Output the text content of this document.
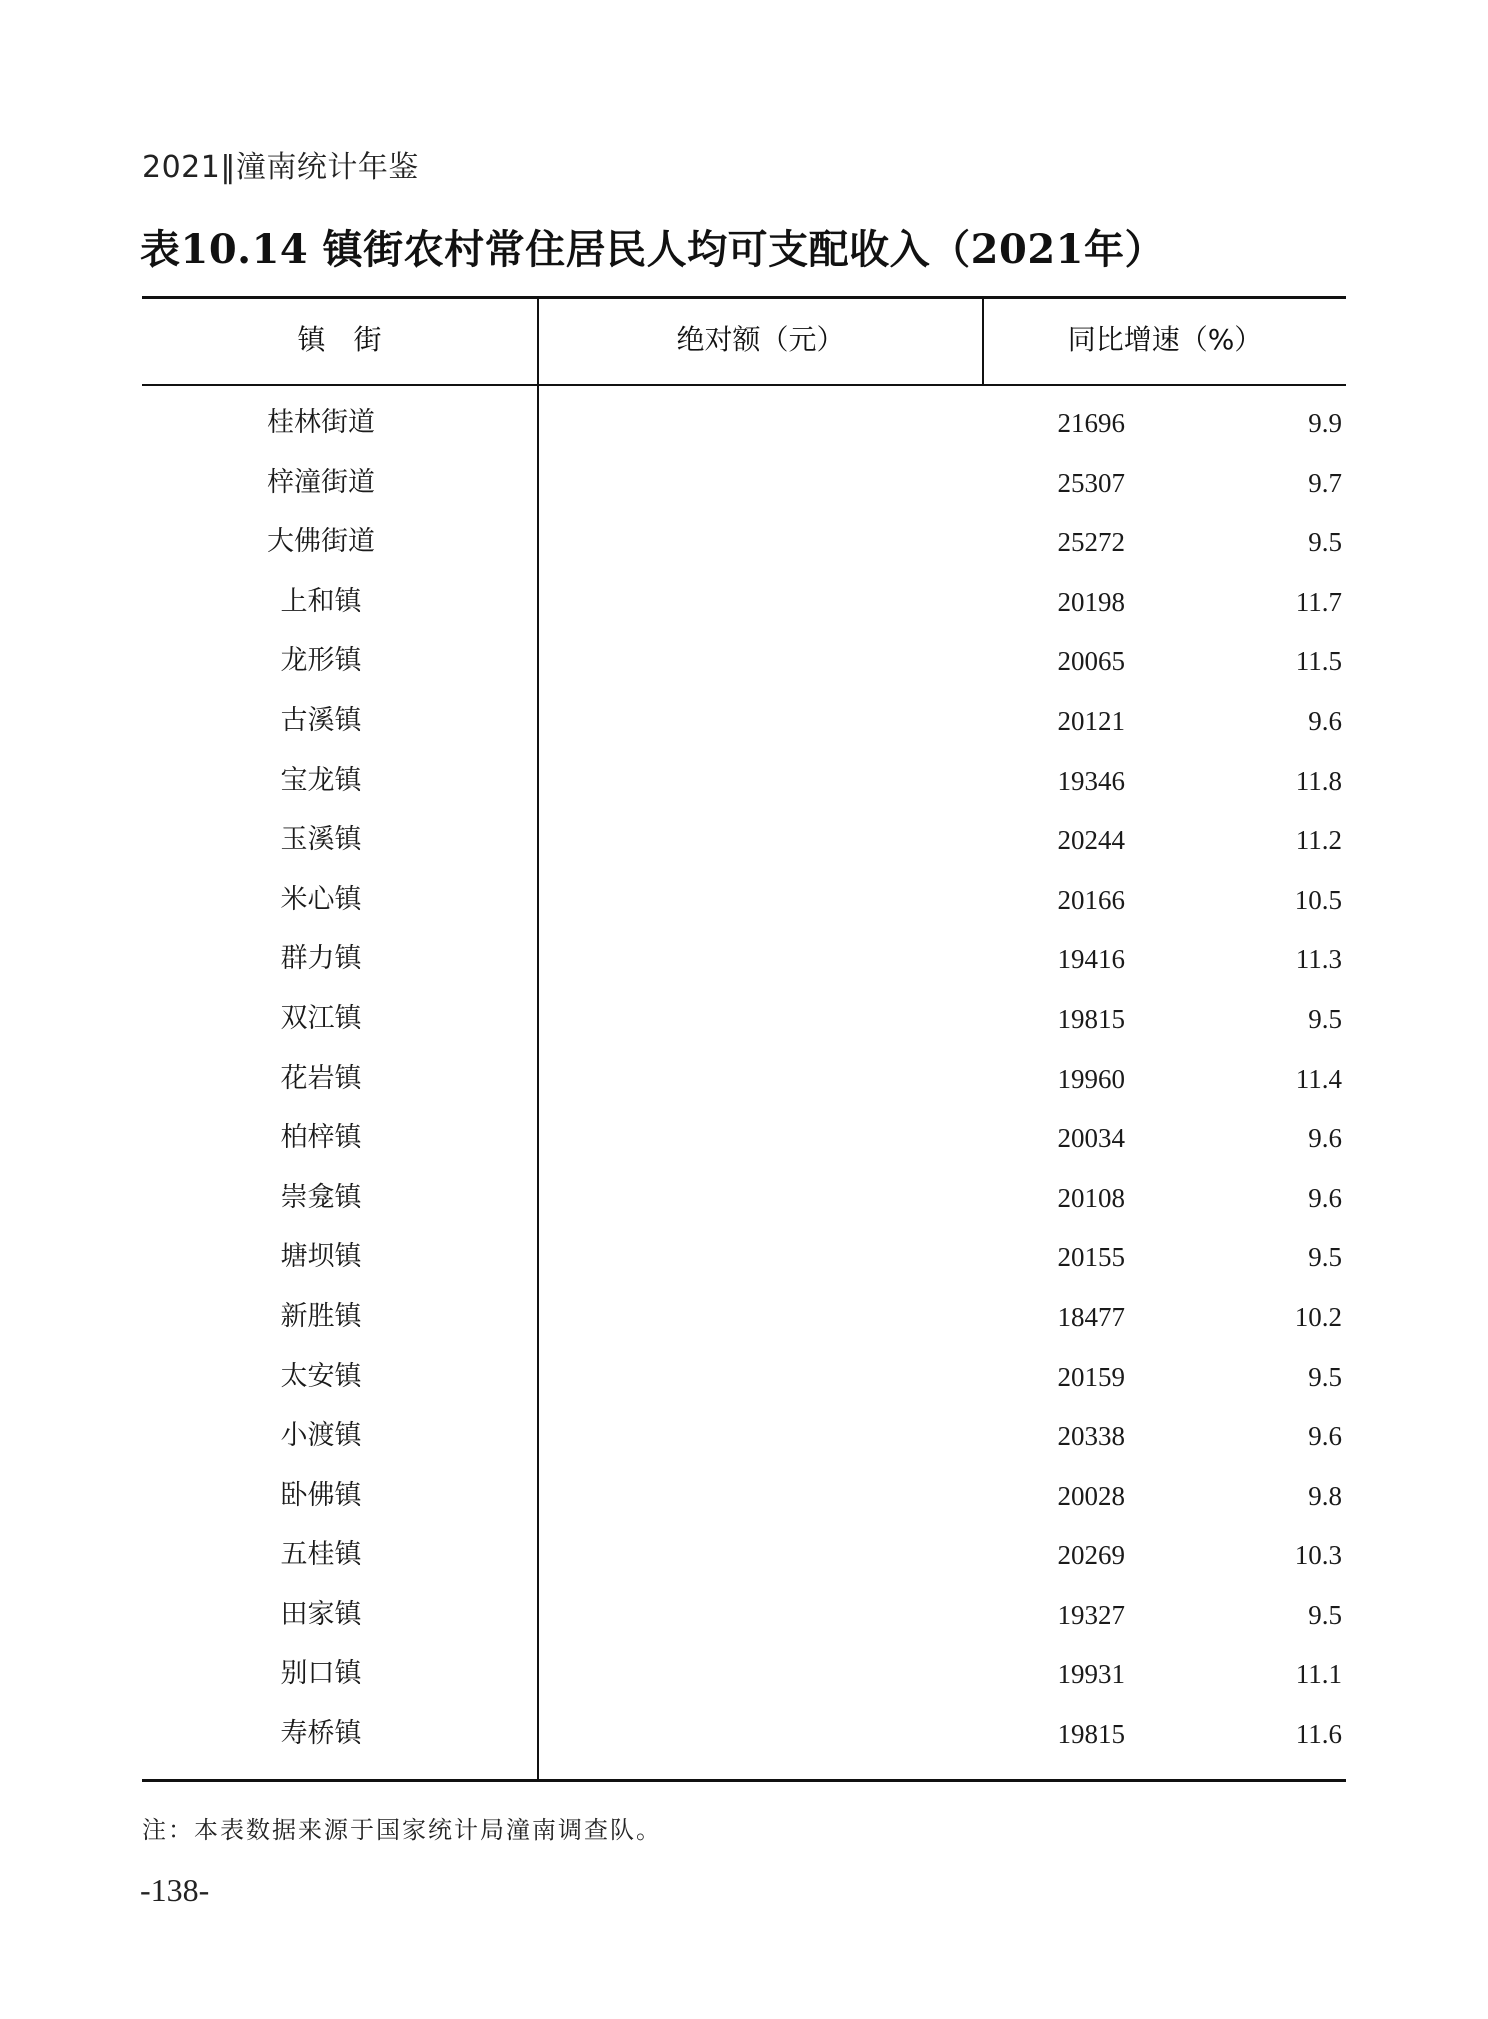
2021‖潼南统计年鉴
表10.14 镇街农村常住居民人均可支配收入（2021年）
镇街	绝对额（元）	同比增速（%）
桂林街道	21696	9.9
梓潼街道	25307	9.7
大佛街道	25272	9.5
上和镇	20198	11.7
龙形镇	20065	11.5
古溪镇	20121	9.6
宝龙镇	19346	11.8
玉溪镇	20244	11.2
米心镇	20166	10.5
群力镇	19416	11.3
双江镇	19815	9.5
花岩镇	19960	11.4
柏梓镇	20034	9.6
崇龛镇	20108	9.6
塘坝镇	20155	9.5
新胜镇	18477	10.2
太安镇	20159	9.5
小渡镇	20338	9.6
卧佛镇	20028	9.8
五桂镇	20269	10.3
田家镇	19327	9.5
别口镇	19931	11.1
寿桥镇	19815	11.6
注：本表数据来源于国家统计局潼南调查队。
-138-
